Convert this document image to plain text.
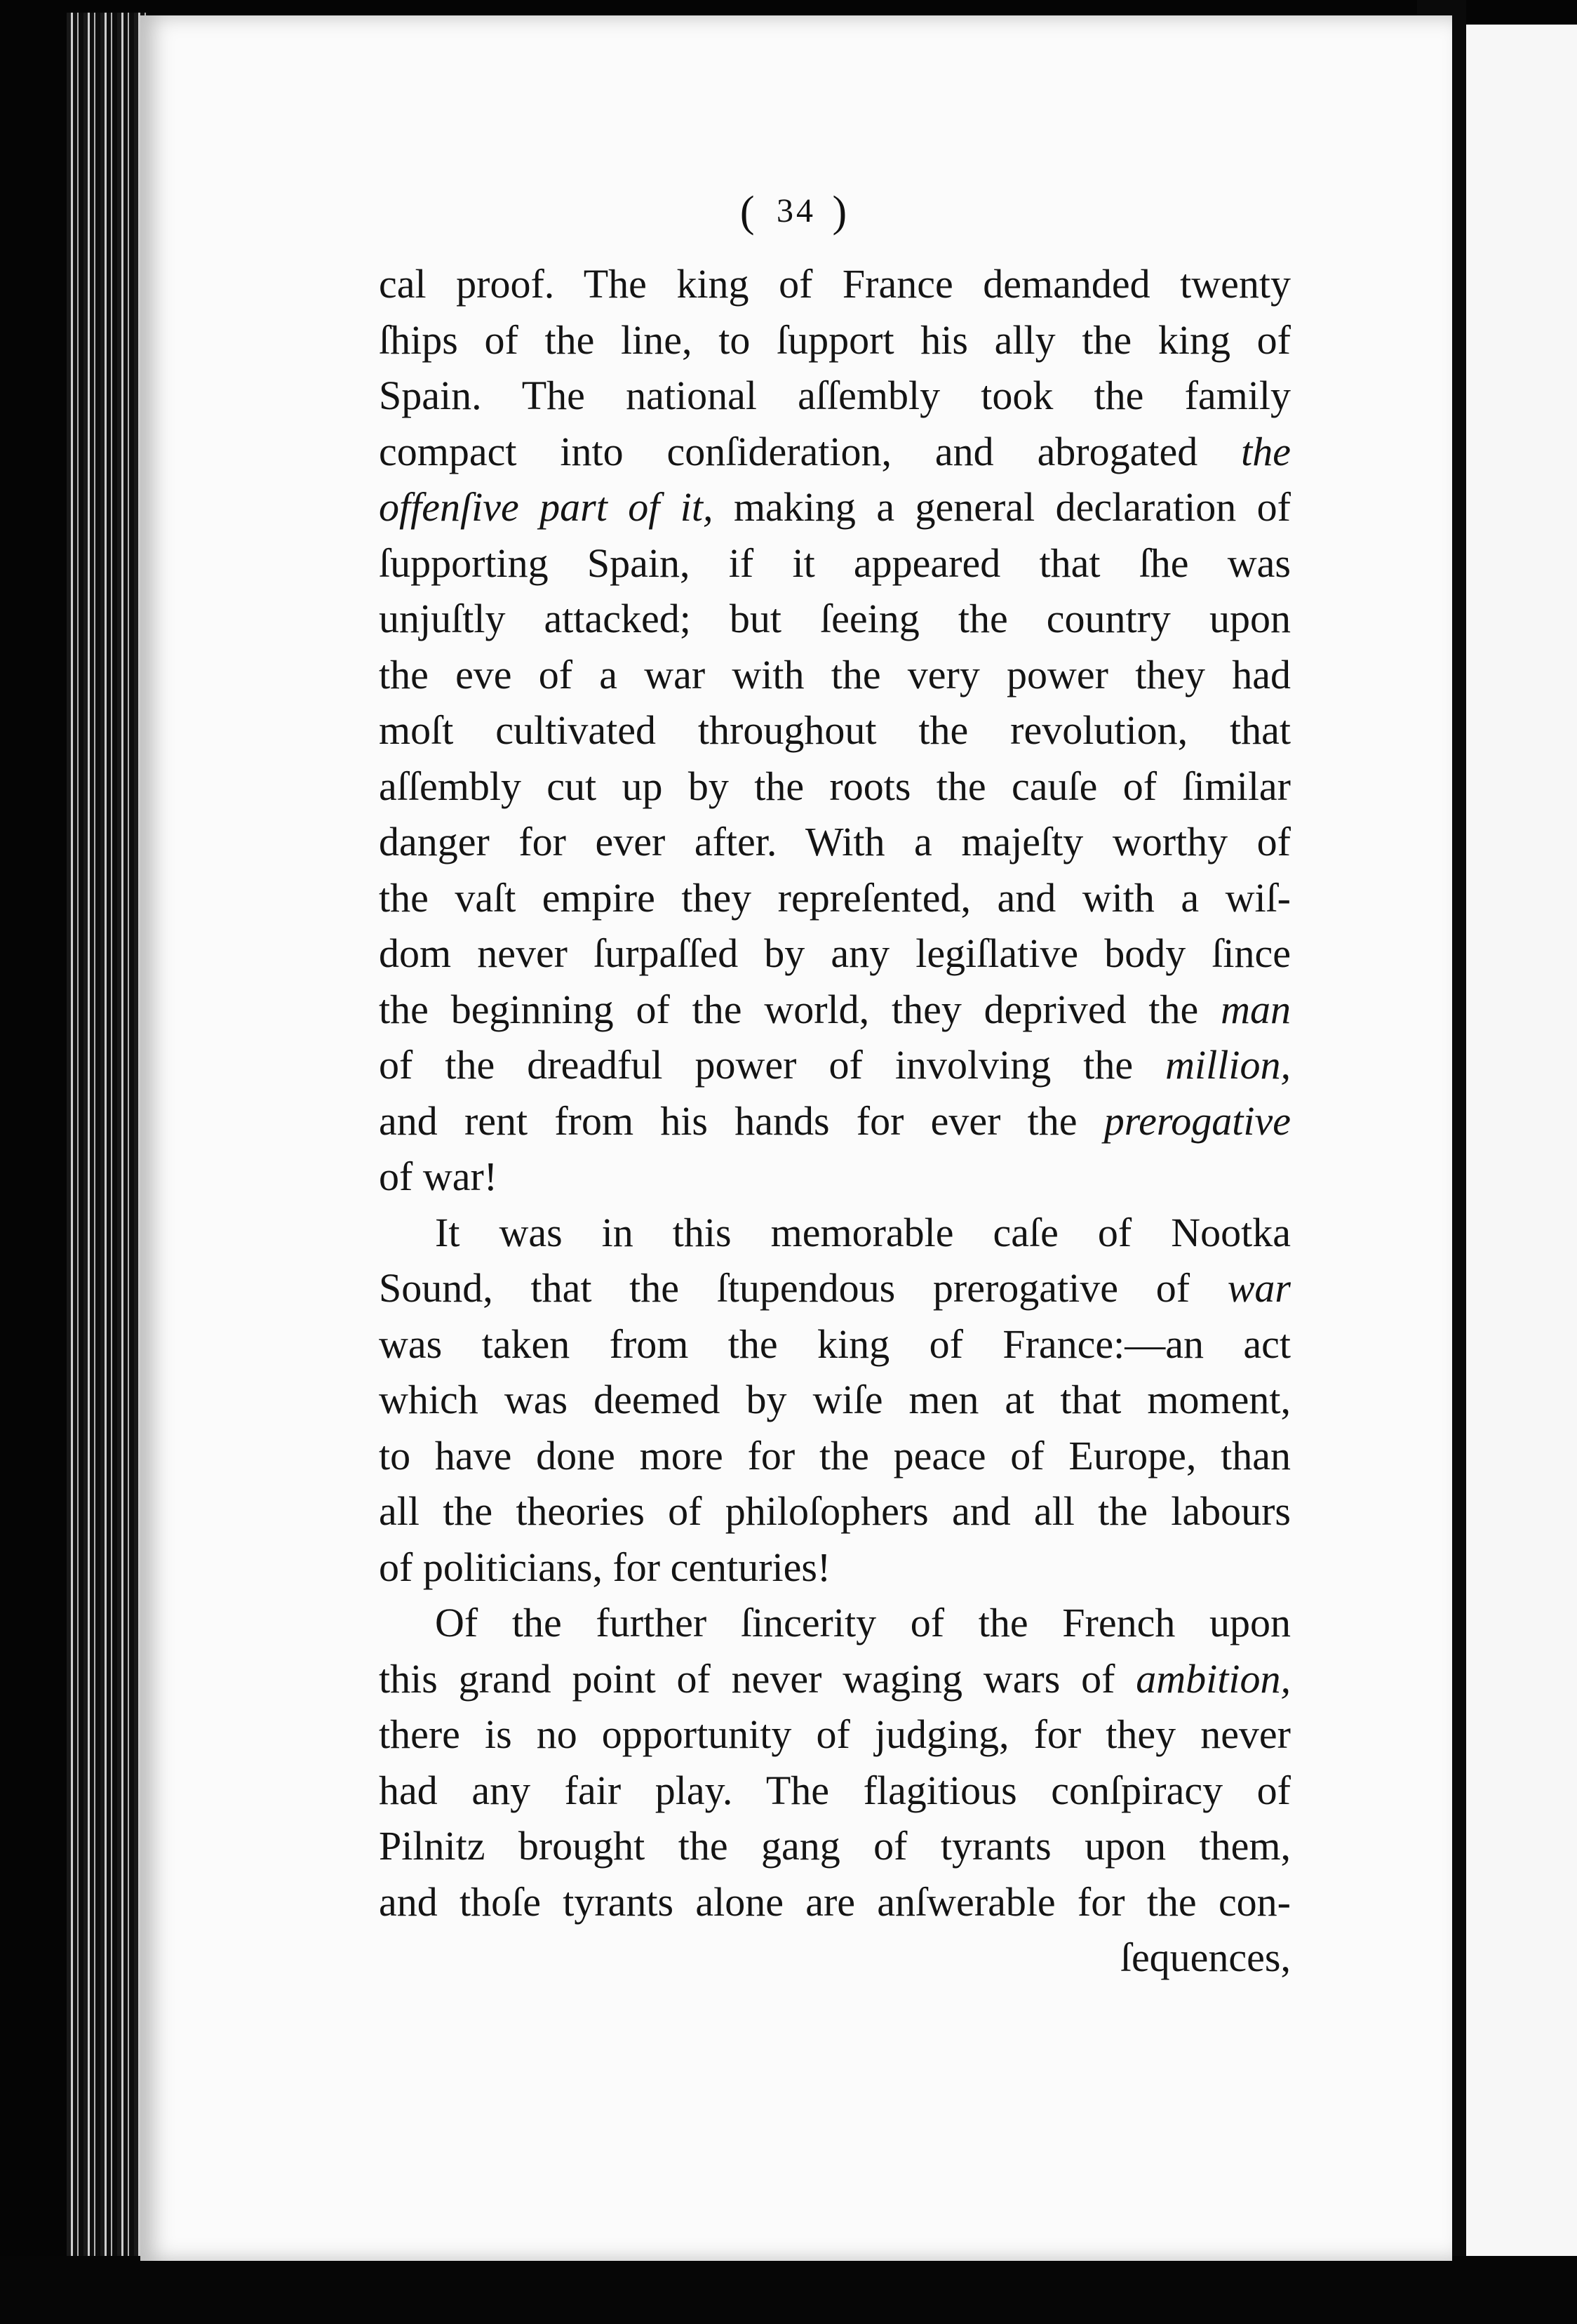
( 34 )
cal proof. The king of France demanded twenty
ſhips of the line, to ſupport his ally the king of
Spain. The national aſſembly took the family
compact into conſideration, and abrogated the
offenſive part of it, making a general declaration of
ſupporting Spain, if it appeared that ſhe was
unjuſtly attacked; but ſeeing the country upon
the eve of a war with the very power they had
moſt cultivated throughout the revolution, that
aſſembly cut up by the roots the cauſe of ſimilar
danger for ever after. With a majeſty worthy of
the vaſt empire they repreſented, and with a wiſ-
dom never ſurpaſſed by any legiſlative body ſince
the beginning of the world, they deprived the man
of the dreadful power of involving the million,
and rent from his hands for ever the prerogative
of war!
It was in this memorable caſe of Nootka
Sound, that the ſtupendous prerogative of war
was taken from the king of France:—an act
which was deemed by wiſe men at that moment,
to have done more for the peace of Europe, than
all the theories of philoſophers and all the labours
of politicians, for centuries!
Of the further ſincerity of the French upon
this grand point of never waging wars of ambition,
there is no opportunity of judging, for they never
had any fair play. The flagitious conſpiracy of
Pilnitz brought the gang of tyrants upon them,
and thoſe tyrants alone are anſwerable for the con-
ſequences,
